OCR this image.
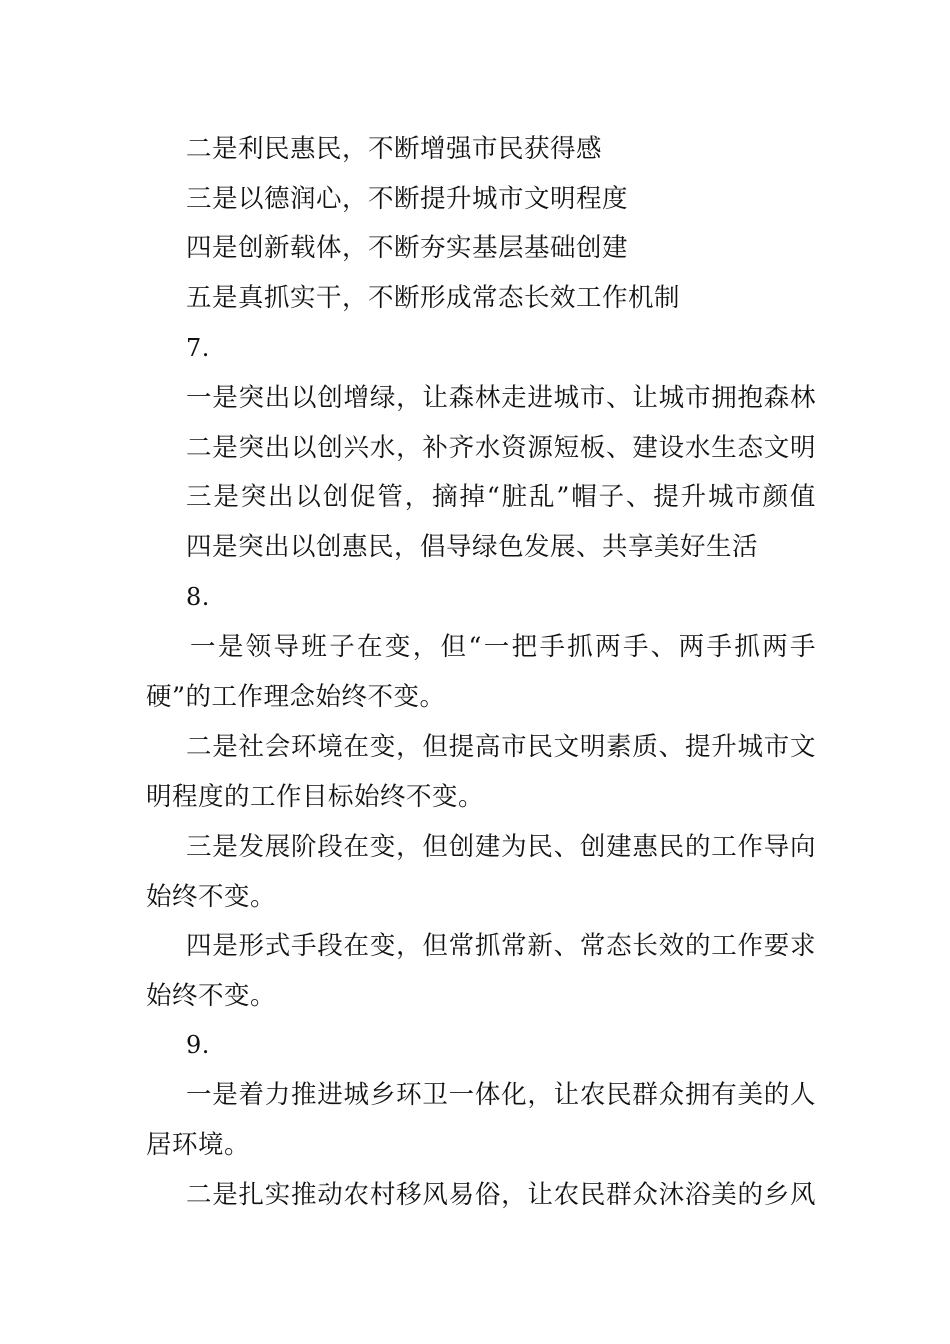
二是利民惠民，不断增强市民获得感
三是以德润心，不断提升城市文明程度
四是创新载体，不断夯实基层基础创建
五是真抓实干，不断形成常态长效工作机制
7.
一是突出以创增绿，让森林走进城市、让城市拥抱森林
二是突出以创兴水，补齐水资源短板、建设水生态文明
三是突出以创促管，摘掉“脏乱”帽子、提升城市颜值
四是突出以创惠民，倡导绿色发展、共享美好生活
8.
一是领导班子在变，但“一把手抓两手、两手抓两手
硬”的工作理念始终不变。
二是社会环境在变，但提高市民文明素质、提升城市文
明程度的工作目标始终不变。
三是发展阶段在变，但创建为民、创建惠民的工作导向
始终不变。
四是形式手段在变，但常抓常新、常态长效的工作要求
始终不变。
9.
一是着力推进城乡环卫一体化，让农民群众拥有美的人
居环境。
二是扎实推动农村移风易俗，让农民群众沐浴美的乡风
